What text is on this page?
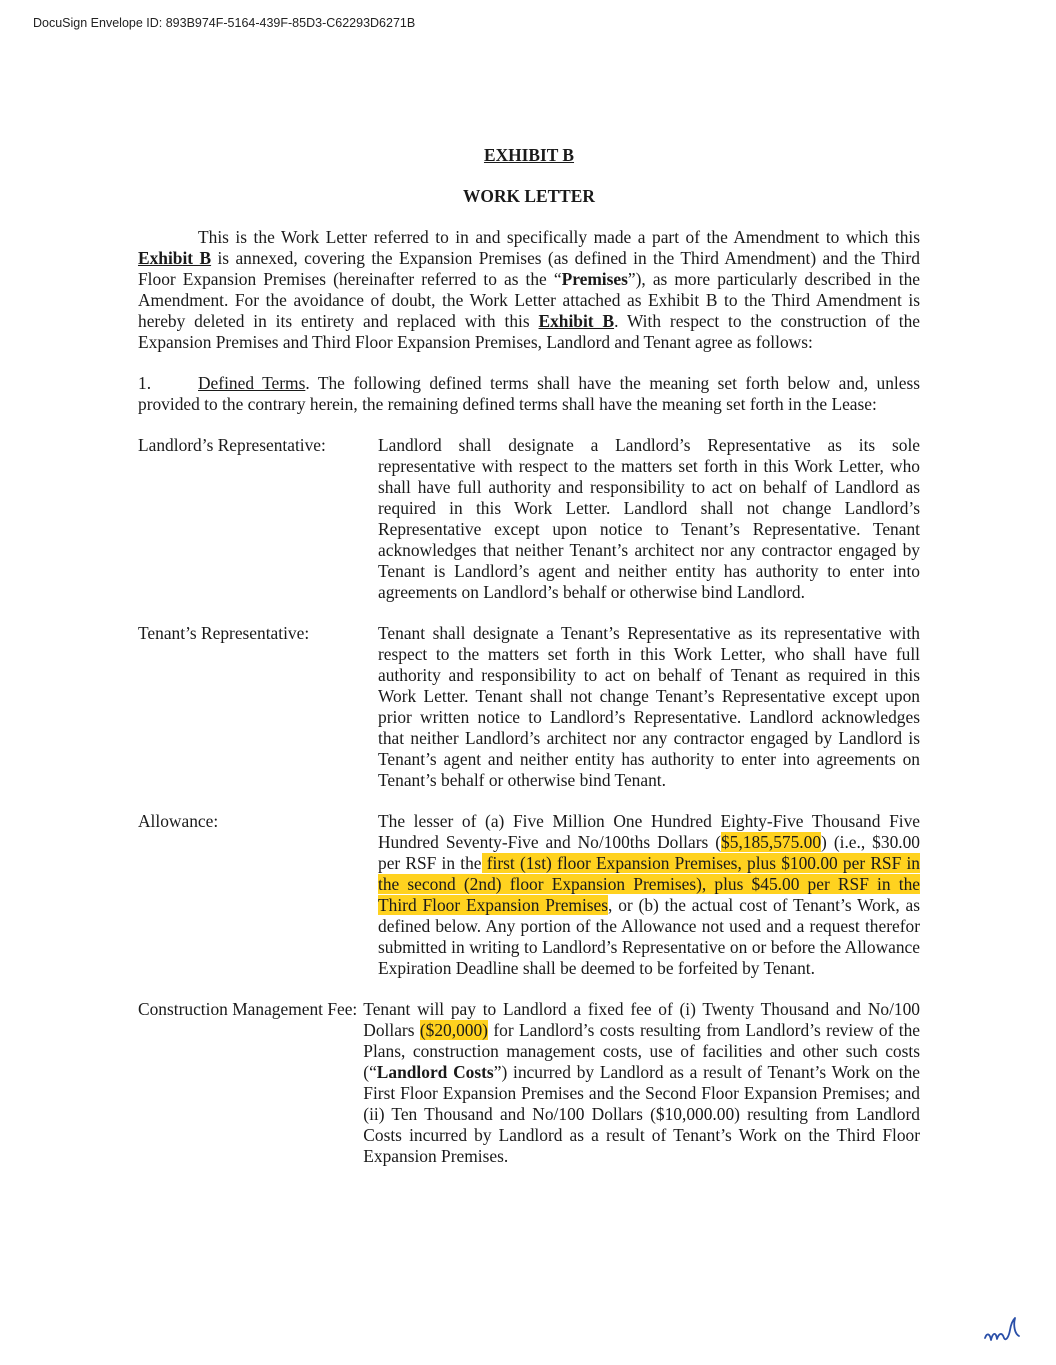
DocuSign Envelope ID: 893B974F-5164-439F-85D3-C62293D6271B

EXHIBIT B

WORK LETTER

This is the Work Letter referred to in and specifically made a part of the Amendment to which this Exhibit B is annexed, covering the Expansion Premises (as defined in the Third Amendment) and the Third Floor Expansion Premises (hereinafter referred to as the “Premises”), as more particularly described in the Amendment. For the avoidance of doubt, the Work Letter attached as Exhibit B to the Third Amendment is hereby deleted in its entirety and replaced with this Exhibit B. With respect to the construction of the Expansion Premises and Third Floor Expansion Premises, Landlord and Tenant agree as follows:

1.	Defined Terms. The following defined terms shall have the meaning set forth below and, unless provided to the contrary herein, the remaining defined terms shall have the meaning set forth in the Lease:

Landlord’s Representative:	Landlord shall designate a Landlord’s Representative as its sole representative with respect to the matters set forth in this Work Letter, who shall have full authority and responsibility to act on behalf of Landlord as required in this Work Letter. Landlord shall not change Landlord’s Representative except upon notice to Tenant’s Representative. Tenant acknowledges that neither Tenant’s architect nor any contractor engaged by Tenant is Landlord’s agent and neither entity has authority to enter into agreements on Landlord’s behalf or otherwise bind Landlord.
Tenant’s Representative:	Tenant shall designate a Tenant’s Representative as its representative with respect to the matters set forth in this Work Letter, who shall have full authority and responsibility to act on behalf of Tenant as required in this Work Letter. Tenant shall not change Tenant’s Representative except upon prior written notice to Landlord’s Representative. Landlord acknowledges that neither Landlord’s architect nor any contractor engaged by Landlord is Tenant’s agent and neither entity has authority to enter into agreements on Tenant’s behalf or otherwise bind Tenant.
Allowance:	The lesser of (a) Five Million One Hundred Eighty-Five Thousand Five Hundred Seventy-Five and No/100ths Dollars ($5,185,575.00) (i.e., $30.00 per RSF in the first (1st) floor Expansion Premises, plus $100.00 per RSF in the second (2nd) floor Expansion Premises), plus $45.00 per RSF in the Third Floor Expansion Premises, or (b) the actual cost of Tenant’s Work, as defined below. Any portion of the Allowance not used and a request therefor submitted in writing to Landlord’s Representative on or before the Allowance Expiration Deadline shall be deemed to be forfeited by Tenant.
Construction Management Fee: Tenant will pay to Landlord a fixed fee of (i) Twenty Thousand and No/100 Dollars ($20,000) for Landlord’s costs resulting from Landlord’s review of the Plans, construction management costs, use of facilities and other such costs (“Landlord Costs”) incurred by Landlord as a result of Tenant’s Work on the First Floor Expansion Premises and the Second Floor Expansion Premises; and (ii) Ten Thousand and No/100 Dollars ($10,000.00) resulting from Landlord Costs incurred by Landlord as a result of Tenant’s Work on the Third Floor Expansion Premises.
